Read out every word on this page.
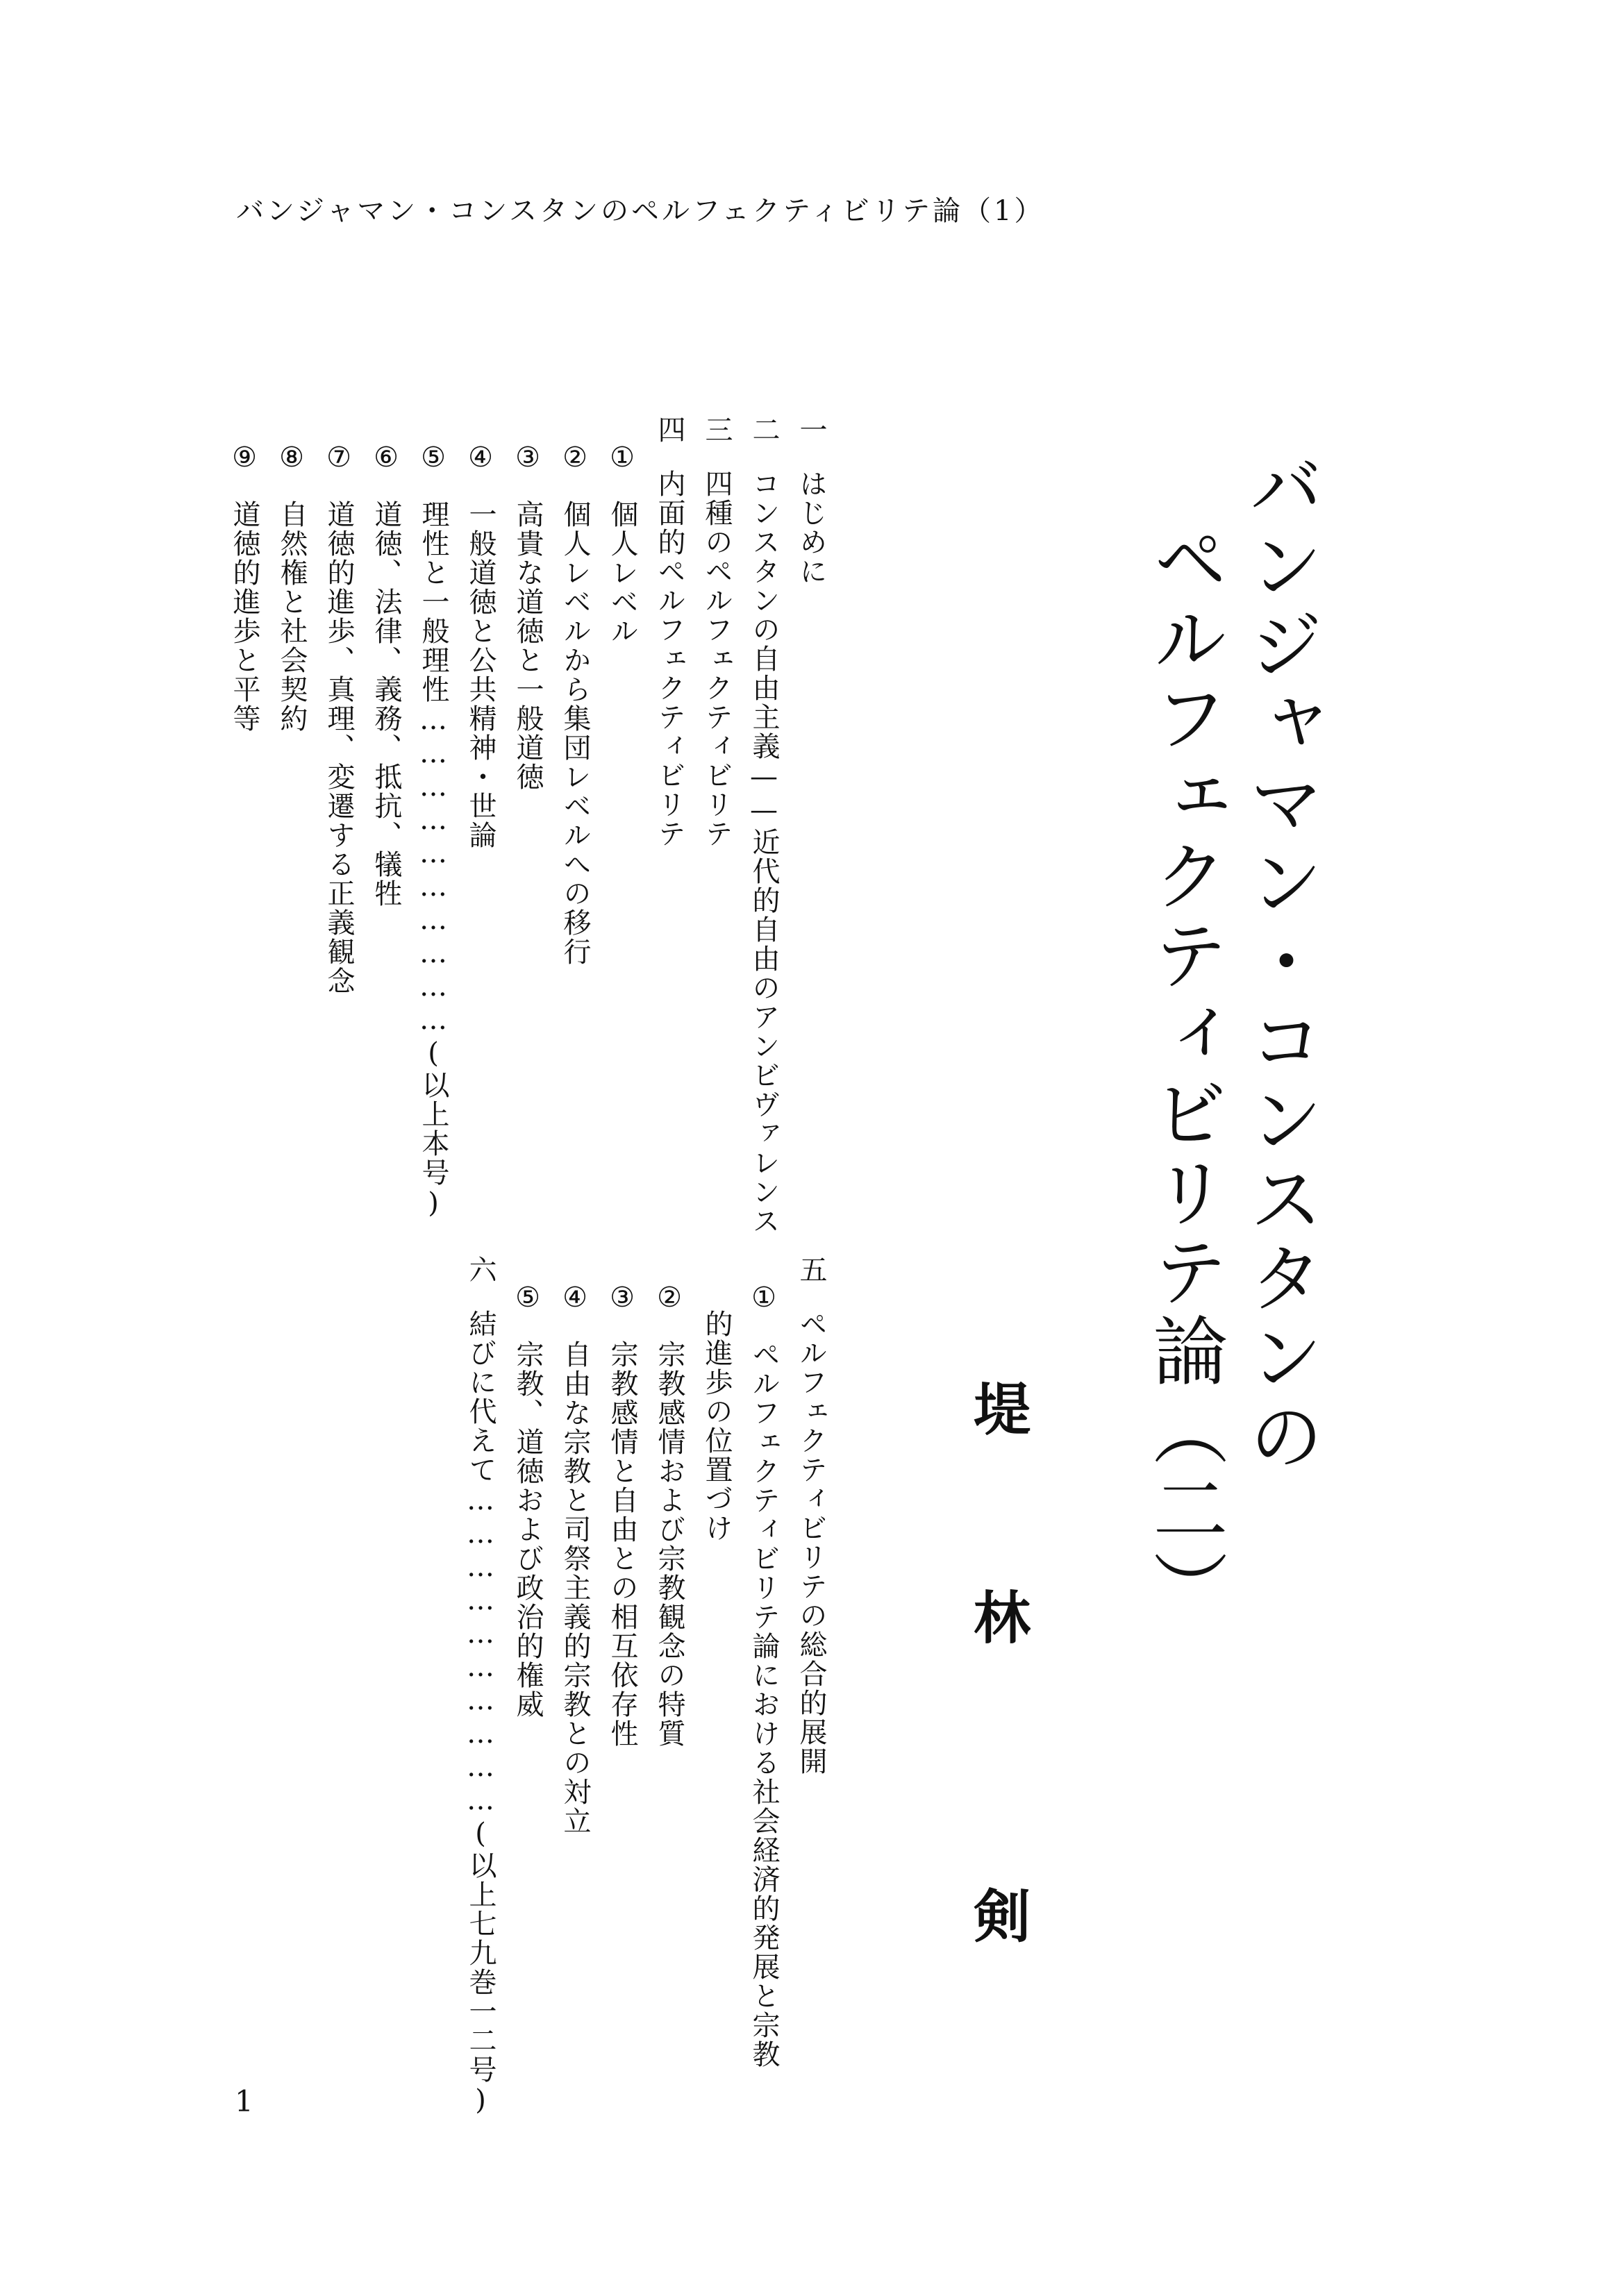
バンジャマン・コンスタンのペルフェクティビリテ論（1）
バンジャマン・コンスタンの
ペルフェクティビリテ論（二）
堤
林
剣
一はじめに
二コンスタンの自由主義——近代的自由のアンビヴァレンス
三四種のペルフェクティビリテ
四内面的ペルフェクティビリテ
①個人レベル
②個人レベルから集団レベルへの移行
③高貴な道徳と一般道徳
④一般道徳と公共精神・世論
⑤理性と一般理性…………………………(以上本号)
⑥道徳、法律、義務、抵抗、犠牲
⑦道徳的進歩、真理、変遷する正義観念
⑧自然権と社会契約
⑨道徳的進歩と平等
五ペルフェクティビリテの総合的展開
①ペルフェクティビリテ論における社会経済的発展と宗教
的進歩の位置づけ
②宗教感情および宗教観念の特質
③宗教感情と自由との相互依存性
④自由な宗教と司祭主義的宗教との対立
⑤宗教、道徳および政治的権威
六結びに代えて…………………………(以上七九巻一二号)
1
